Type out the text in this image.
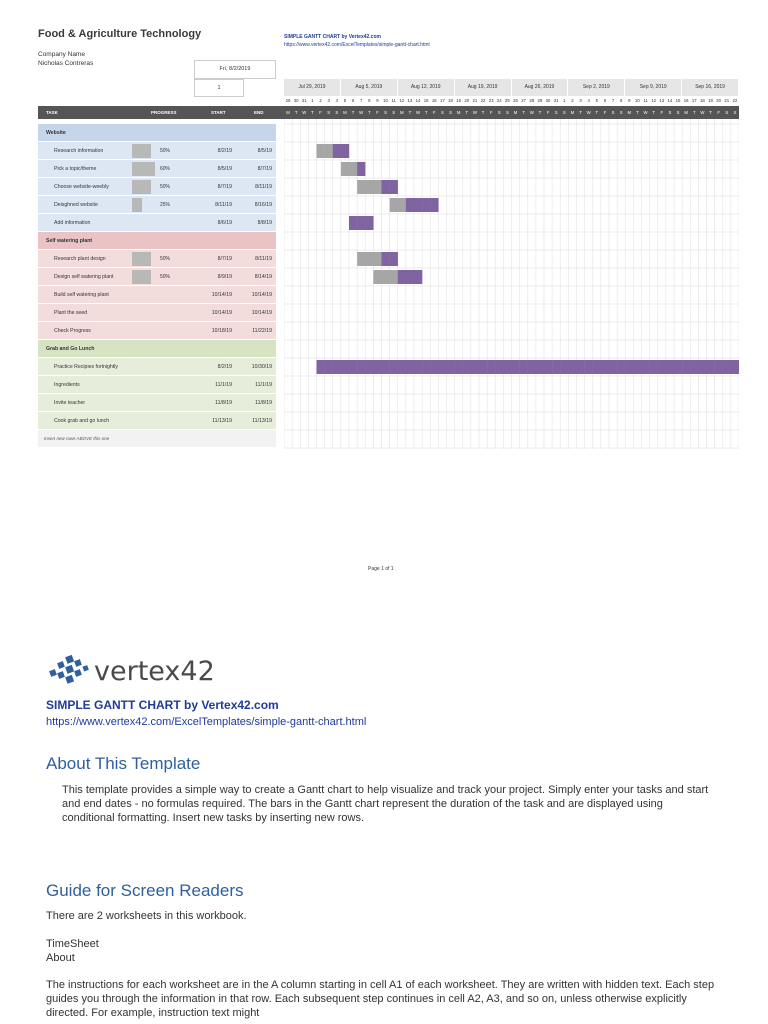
Food & Agriculture Technology
Company Name
Nicholas Contreras
SIMPLE GANTT CHART by Vertex42.com
https://www.vertex42.com/ExcelTemplates/simple-gantt-chart.html
Fri, 8/2/2019
1	Jul 29, 2019	Aug 5, 2019	Aug 12, 2019	Aug 19, 2019	Aug 26, 2019	Sep 2, 2019	Sep 9, 2019	Sep 16, 2019
29 30 31	1	2	3	4	5	6	7	8	9	10 11 12 13 14 15 16 17 18 19 20 21 22 23 24 25 26 27 28 29 30 31	1	2	3	4	5	6	7	8	9	10 11 12 13 14 15 16 17 18 19 20 21 22
TASK	PROGRESS	START	END	M	T	W	T	F	S	S	M	T	W	T	F	S	S	M	T	W	T	F	S	S	M	T	W	T	F	S	S	M	T	W	T	F	S	S	M	T	W	T	F	S	S	M	T	W	T	F	S	S	M	T	W	T	F	S	S
Website
Research information	50%	8/2/19	8/5/19
Pick a topic/theme	60%	8/5/19	8/7/19
Choose website-weebly	50%	8/7/19	8/11/19
Deisghned website	25%	8/11/19	8/16/19
Add information	8/6/19	8/8/19
Self watering plant
Research plant design	50%	8/7/19	8/11/19
Design self watering plant	50%	8/9/19	8/14/19
Build self watering plant	10/14/19	10/14/19
Plant the seed	10/14/19	10/14/19
Check Progress	10/18/19	11/22/19
Grab and Go Lunch
Practice Recipies fortnightly	8/2/19	10/30/19
Ingredients	11/1/19	11/1/19
Invite teacher	11/8/19	11/8/19
Cook grab and go lunch	11/13/19	11/13/19
Insert new rows ABOVE this one
Page 1 of 1
vertex42
SIMPLE GANTT CHART by Vertex42.com
https://www.vertex42.com/ExcelTemplates/simple-gantt-chart.html
About This Template
This template provides a simple way to create a Gantt chart to help visualize and track your project. Simply enter your tasks and start and end dates - no formulas required. The bars in the Gantt chart represent the duration of the task and are displayed using conditional formatting. Insert new tasks by inserting new rows.
Guide for Screen Readers
There are 2 worksheets in this workbook.
TimeSheet
About
The instructions for each worksheet are in the A column starting in cell A1 of each worksheet. They are written with hidden text. Each step guides you through the information in that row. Each subsequent step continues in cell A2, A3, and so on, unless otherwise explicitly directed. For example, instruction text might
